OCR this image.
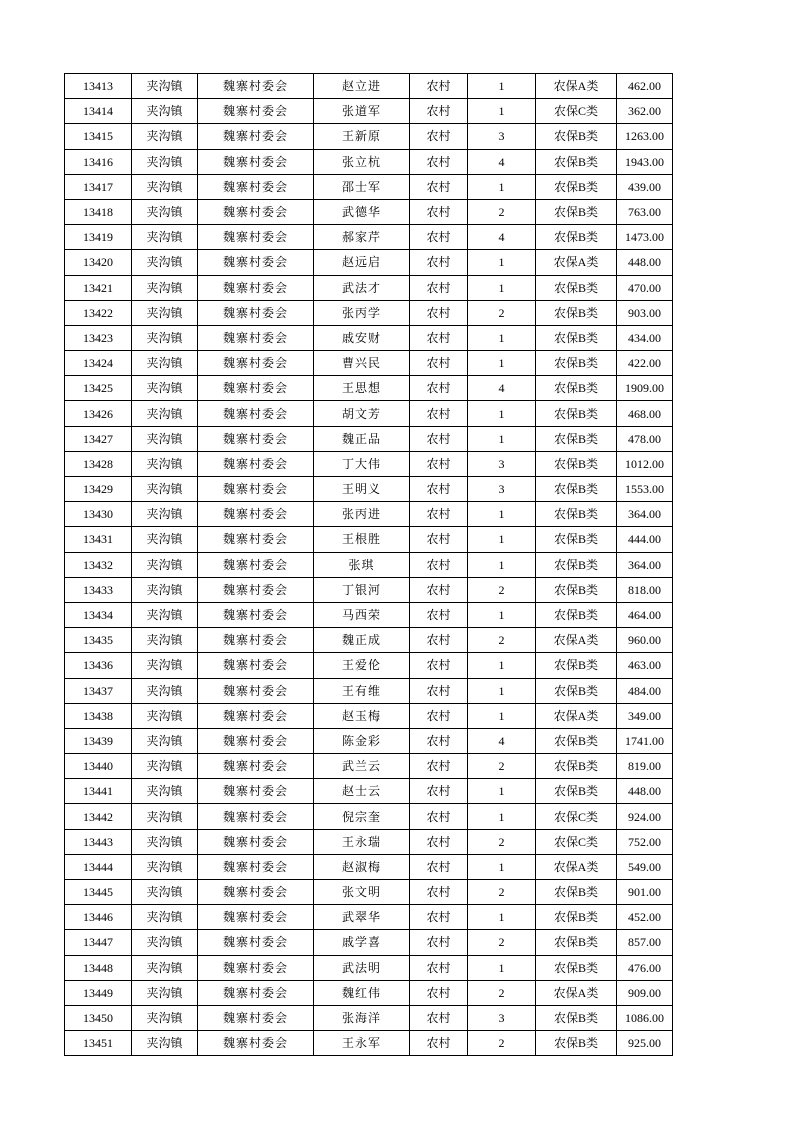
13413	夹沟镇	魏寨村委会	赵立进	农村	1	农保A类	462.00
13414	夹沟镇	魏寨村委会	张道军	农村	1	农保C类	362.00
13415	夹沟镇	魏寨村委会	王新原	农村	3	农保B类	1263.00
13416	夹沟镇	魏寨村委会	张立杭	农村	4	农保B类	1943.00
13417	夹沟镇	魏寨村委会	邵士军	农村	1	农保B类	439.00
13418	夹沟镇	魏寨村委会	武德华	农村	2	农保B类	763.00
13419	夹沟镇	魏寨村委会	郝家芹	农村	4	农保B类	1473.00
13420	夹沟镇	魏寨村委会	赵远启	农村	1	农保A类	448.00
13421	夹沟镇	魏寨村委会	武法才	农村	1	农保B类	470.00
13422	夹沟镇	魏寨村委会	张丙学	农村	2	农保B类	903.00
13423	夹沟镇	魏寨村委会	戚安财	农村	1	农保B类	434.00
13424	夹沟镇	魏寨村委会	曹兴民	农村	1	农保B类	422.00
13425	夹沟镇	魏寨村委会	王思想	农村	4	农保B类	1909.00
13426	夹沟镇	魏寨村委会	胡文芳	农村	1	农保B类	468.00
13427	夹沟镇	魏寨村委会	魏正品	农村	1	农保B类	478.00
13428	夹沟镇	魏寨村委会	丁大伟	农村	3	农保B类	1012.00
13429	夹沟镇	魏寨村委会	王明义	农村	3	农保B类	1553.00
13430	夹沟镇	魏寨村委会	张丙进	农村	1	农保B类	364.00
13431	夹沟镇	魏寨村委会	王根胜	农村	1	农保B类	444.00
13432	夹沟镇	魏寨村委会	张琪	农村	1	农保B类	364.00
13433	夹沟镇	魏寨村委会	丁银河	农村	2	农保B类	818.00
13434	夹沟镇	魏寨村委会	马西荣	农村	1	农保B类	464.00
13435	夹沟镇	魏寨村委会	魏正成	农村	2	农保A类	960.00
13436	夹沟镇	魏寨村委会	王爱伦	农村	1	农保B类	463.00
13437	夹沟镇	魏寨村委会	王有维	农村	1	农保B类	484.00
13438	夹沟镇	魏寨村委会	赵玉梅	农村	1	农保A类	349.00
13439	夹沟镇	魏寨村委会	陈金彩	农村	4	农保B类	1741.00
13440	夹沟镇	魏寨村委会	武兰云	农村	2	农保B类	819.00
13441	夹沟镇	魏寨村委会	赵士云	农村	1	农保B类	448.00
13442	夹沟镇	魏寨村委会	倪宗奎	农村	1	农保C类	924.00
13443	夹沟镇	魏寨村委会	王永瑞	农村	2	农保C类	752.00
13444	夹沟镇	魏寨村委会	赵淑梅	农村	1	农保A类	549.00
13445	夹沟镇	魏寨村委会	张文明	农村	2	农保B类	901.00
13446	夹沟镇	魏寨村委会	武翠华	农村	1	农保B类	452.00
13447	夹沟镇	魏寨村委会	戚学喜	农村	2	农保B类	857.00
13448	夹沟镇	魏寨村委会	武法明	农村	1	农保B类	476.00
13449	夹沟镇	魏寨村委会	魏红伟	农村	2	农保A类	909.00
13450	夹沟镇	魏寨村委会	张海洋	农村	3	农保B类	1086.00
13451	夹沟镇	魏寨村委会	王永军	农村	2	农保B类	925.00
